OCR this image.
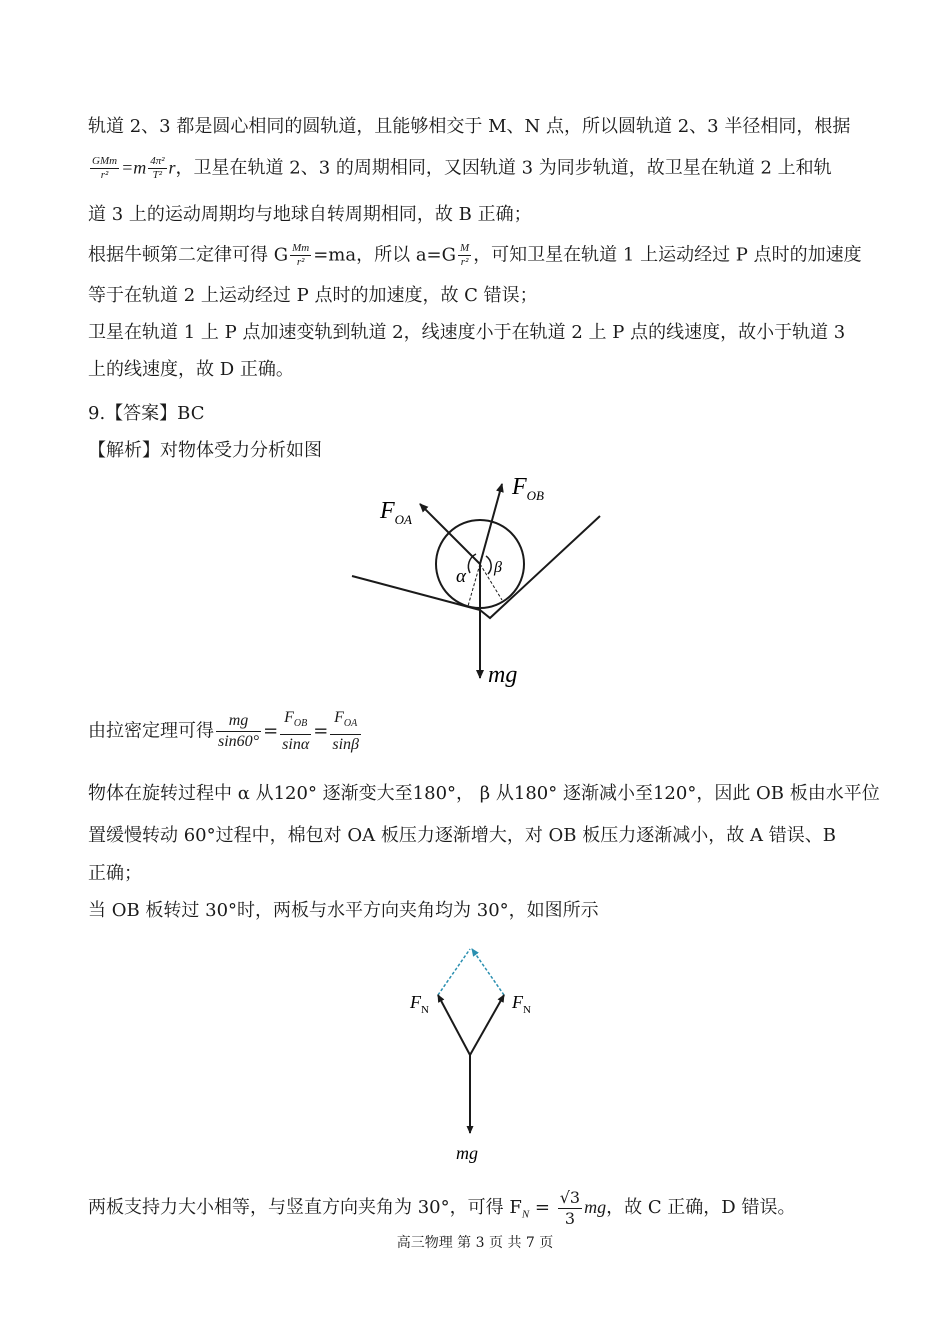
轨道 2、3 都是圆心相同的圆轨道，且能够相交于 M、N 点，所以圆轨道 2、3 半径相同，根据
$\frac{\text{GMm}}{\text{r²}} =m \frac{\text{4π²}}{\text{T²}}$ r，卫星在轨道 2、3 的周期相同，又因轨道 3 为同步轨道，故卫星在轨道 2 上和轨
道 3 上的运动周期均与地球自转周期相同，故 B 正确；
根据牛顿第二定律可得 G $\frac{Mm}{\text{r²}} =ma$，所以 $a=G \frac{M}{\text{r²}}$ ，可知卫星在轨道 1 上运动经过 P 点时的加速度
等于在轨道 2 上运动经过 P 点时的加速度，故 C 错误；
卫星在轨道 1 上 P 点加速变轨到轨道 2，线速度小于在轨道 2 上 P 点的线速度，故小于轨道 3
上的线速度，故 D 正确。
9.【答案】BC
【解析】对物体受力分析如图
$F_{OA}$
$F_{OB}$
α β
mg
由拉密定理可得 $\frac{mg}{\sin 60^\circ} = \frac{F_{OB}}{\sin\alpha} = \frac{F_{OA}}{\sin\beta}$
物体在旋转过程中 α 从120° 逐渐变大至180°， β 从180° 逐渐减小至120°，因此 OB 板由水平位
置缓慢转动 60°过程中，棉包对 OA 板压力逐渐增大，对 OB 板压力逐渐减小，故 A 错误、B
正确；
当 OB 板转过 30°时，两板与水平方向夹角均为 30°，如图所示
$F_N$	$F_N$
mg
两板支持力大小相等，与竖直方向夹角为 30°，可得 $F_N = \frac{√3}{3}$ mg，故 C 正确，D 错误。
高三物理 第 3 页 共 7 页
